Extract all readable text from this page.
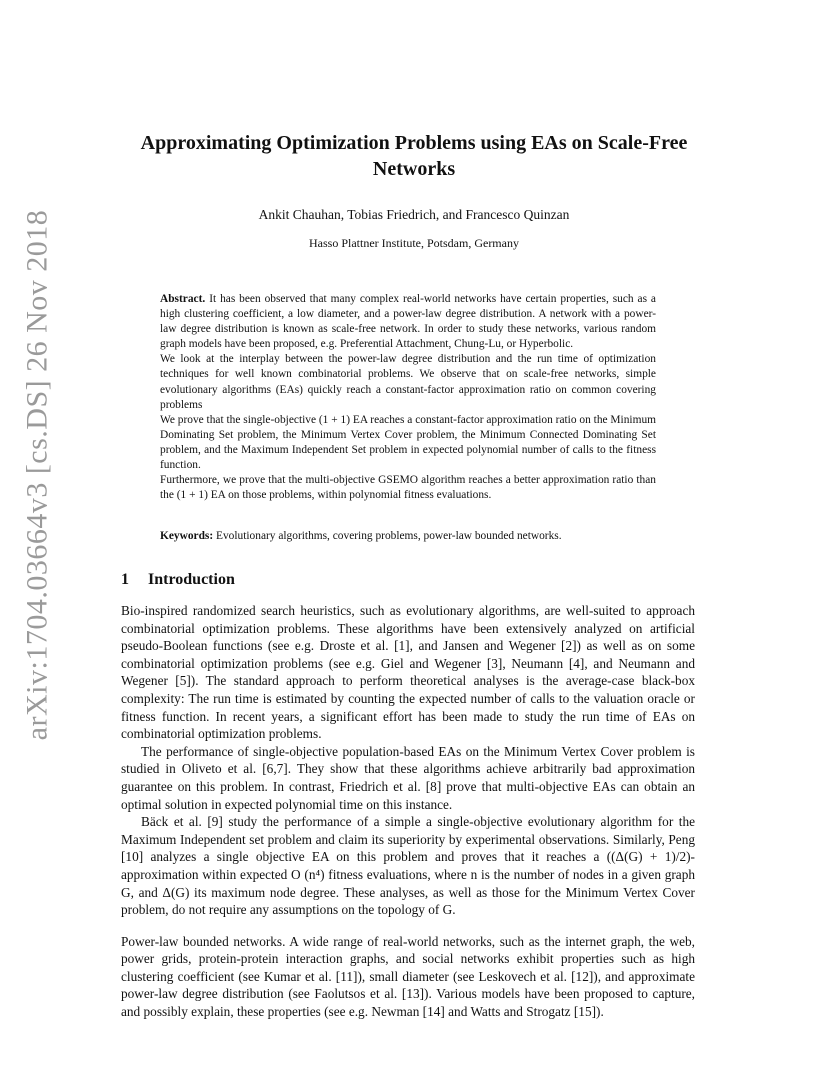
arXiv:1704.03664v3 [cs.DS] 26 Nov 2018
Approximating Optimization Problems using EAs on Scale-Free Networks
Ankit Chauhan, Tobias Friedrich, and Francesco Quinzan
Hasso Plattner Institute, Potsdam, Germany

Abstract. It has been observed that many complex real-world networks have certain properties, such as a high clustering coefficient, a low diameter, and a power-law degree distribution. A network with a power-law degree distribution is known as scale-free network. In order to study these networks, various random graph models have been proposed, e.g. Preferential Attachment, Chung-Lu, or Hyperbolic.

We look at the interplay between the power-law degree distribution and the run time of optimization techniques for well known combinatorial problems. We observe that on scale-free networks, simple evolutionary algorithms (EAs) quickly reach a constant-factor approximation ratio on common covering problems

We prove that the single-objective (1 + 1) EA reaches a constant-factor approximation ratio on the Minimum Dominating Set problem, the Minimum Vertex Cover problem, the Minimum Connected Dominating Set problem, and the Maximum Independent Set problem in expected polynomial number of calls to the fitness function.

Furthermore, we prove that the multi-objective GSEMO algorithm reaches a better approximation ratio than the (1 + 1) EA on those problems, within polynomial fitness evaluations.

Keywords: Evolutionary algorithms, covering problems, power-law bounded networks.
1 Introduction

Bio-inspired randomized search heuristics, such as evolutionary algorithms, are well-suited to approach combinatorial optimization problems. These algorithms have been extensively analyzed on artificial pseudo-Boolean functions (see e.g. Droste et al. [1], and Jansen and Wegener [2]) as well as on some combinatorial optimization problems (see e.g. Giel and Wegener [3], Neumann [4], and Neumann and Wegener [5]). The standard approach to perform theoretical analyses is the average-case black-box complexity: The run time is estimated by counting the expected number of calls to the valuation oracle or fitness function. In recent years, a significant effort has been made to study the run time of EAs on combinatorial optimization problems.

The performance of single-objective population-based EAs on the Minimum Vertex Cover problem is studied in Oliveto et al. [6,7]. They show that these algorithms achieve arbitrarily bad approximation guarantee on this problem. In contrast, Friedrich et al. [8] prove that multi-objective EAs can obtain an optimal solution in expected polynomial time on this instance.

Bäck et al. [9] study the performance of a simple a single-objective evolutionary algorithm for the Maximum Independent set problem and claim its superiority by experimental observations. Similarly, Peng [10] analyzes a single objective EA on this problem and proves that it reaches a ((Δ(G) + 1)/2)-approximation within expected O (n⁴) fitness evaluations, where n is the number of nodes in a given graph G, and Δ(G) its maximum node degree. These analyses, as well as those for the Minimum Vertex Cover problem, do not require any assumptions on the topology of G.

Power-law bounded networks. A wide range of real-world networks, such as the internet graph, the web, power grids, protein-protein interaction graphs, and social networks exhibit properties such as high clustering coefficient (see Kumar et al. [11]), small diameter (see Leskovech et al. [12]), and approximate power-law degree distribution (see Faolutsos et al. [13]). Various models have been proposed to capture, and possibly explain, these properties (see e.g. Newman [14] and Watts and Strogatz [15]).
